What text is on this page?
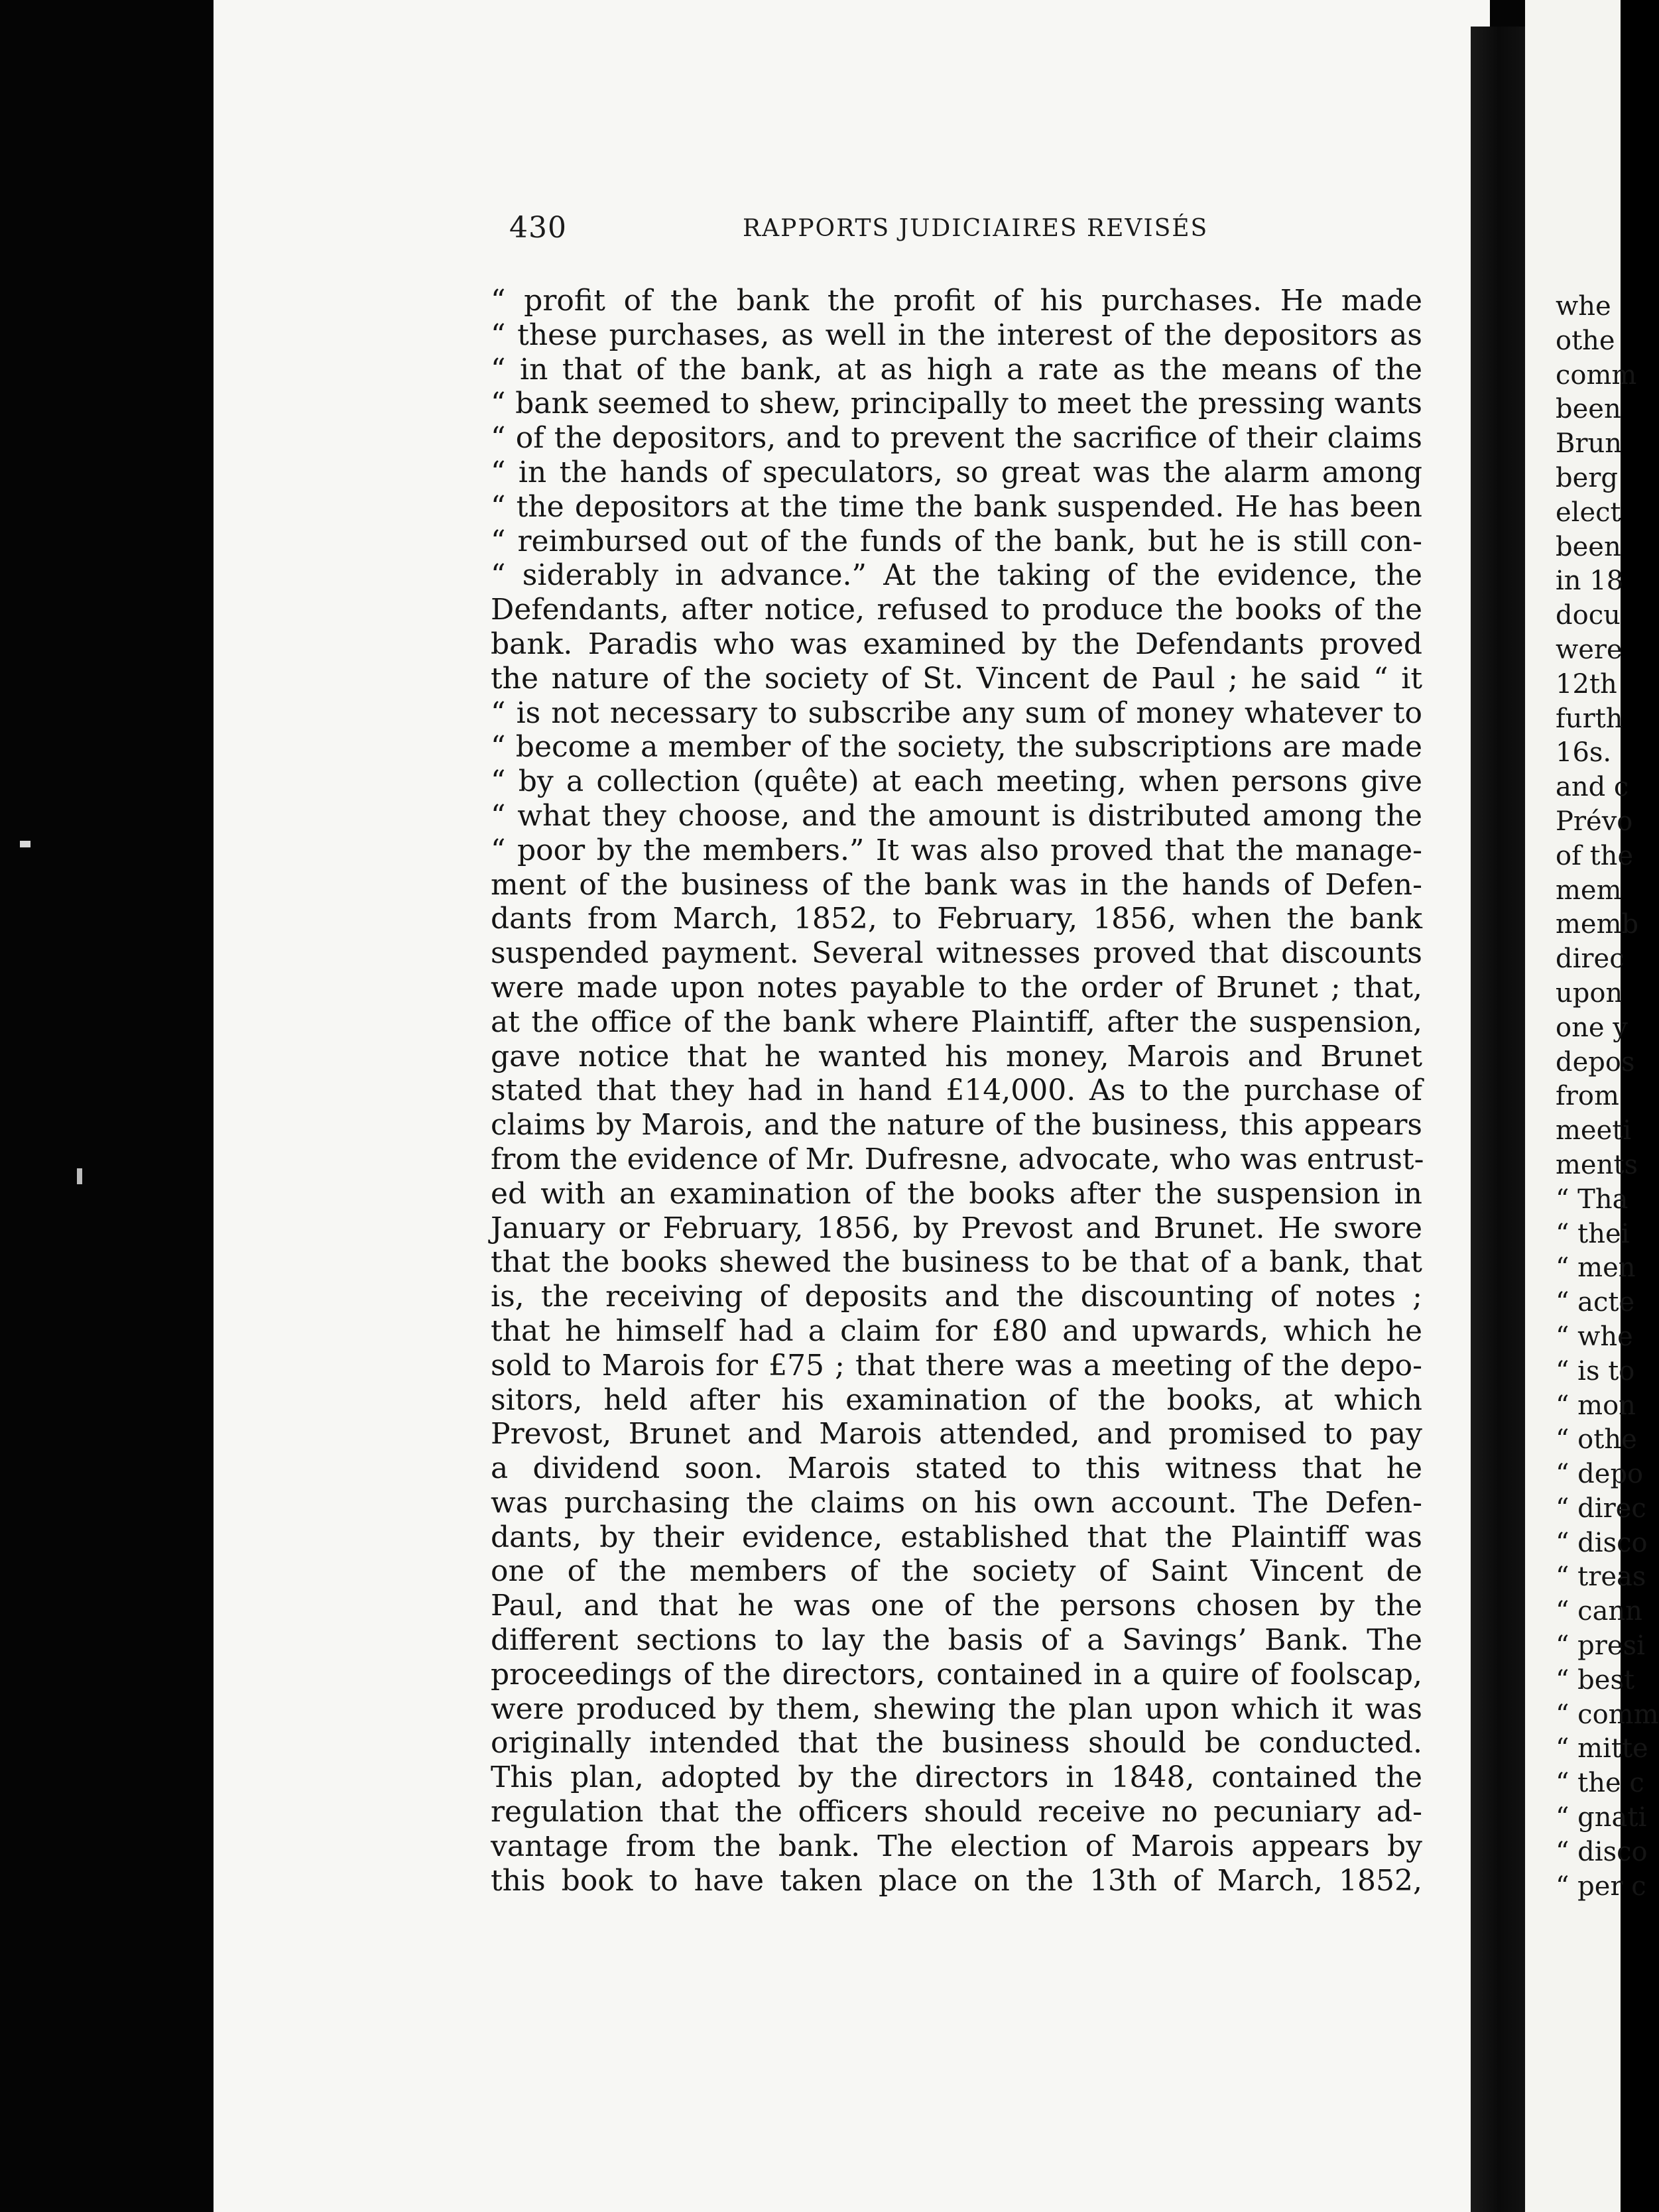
430	RAPPORTS JUDICIAIRES REVISÉS
“ profit of the bank the profit of his purchases. He made
“ these purchases, as well in the interest of the depositors as
“ in that of the bank, at as high a rate as the means of the
“ bank seemed to shew, principally to meet the pressing wants
“ of the depositors, and to prevent the sacrifice of their claims
“ in the hands of speculators, so great was the alarm among
“ the depositors at the time the bank suspended. He has been
“ reimbursed out of the funds of the bank, but he is still con-
“ siderably in advance.” At the taking of the evidence, the
Defendants, after notice, refused to produce the books of the
bank. Paradis who was examined by the Defendants proved
the nature of the society of St. Vincent de Paul ; he said “ it
“ is not necessary to subscribe any sum of money whatever to
“ become a member of the society, the subscriptions are made
“ by a collection (quête) at each meeting, when persons give
“ what they choose, and the amount is distributed among the
“ poor by the members.” It was also proved that the manage-
ment of the business of the bank was in the hands of Defen-
dants from March, 1852, to February, 1856, when the bank
suspended payment. Several witnesses proved that discounts
were made upon notes payable to the order of Brunet ; that,
at the office of the bank where Plaintiff, after the suspension,
gave notice that he wanted his money, Marois and Brunet
stated that they had in hand £14,000. As to the purchase of
claims by Marois, and the nature of the business, this appears
from the evidence of Mr. Dufresne, advocate, who was entrust-
ed with an examination of the books after the suspension in
January or February, 1856, by Prevost and Brunet. He swore
that the books shewed the business to be that of a bank, that
is, the receiving of deposits and the discounting of notes ;
that he himself had a claim for £80 and upwards, which he
sold to Marois for £75 ; that there was a meeting of the depo-
sitors, held after his examination of the books, at which
Prevost, Brunet and Marois attended, and promised to pay
a dividend soon. Marois stated to this witness that he
was purchasing the claims on his own account. The Defen-
dants, by their evidence, established that the Plaintiff was
one of the members of the society of Saint Vincent de
Paul, and that he was one of the persons chosen by the
different sections to lay the basis of a Savings’ Bank. The
proceedings of the directors, contained in a quire of foolscap,
were produced by them, shewing the plan upon which it was
originally intended that the business should be conducted.
This plan, adopted by the directors in 1848, contained the
regulation that the officers should receive no pecuniary ad-
vantage from the bank. The election of Marois appears by
this book to have taken place on the 13th of March, 1852,
whe
othe
comm
been
Brun
berg
elect
been
in 18
docu
were
12th
furth
16s.
and c
Prévo
of the
mem
memb
direc
upon
one y
depos
from
meeti
ments
“ Tha
“ thei
“ men
“ acte
“ whe
“ is to
“ mon
“ othe
“ depo
“ direc
“ disco
“ treas
“ cann
“ presi
“ best
“ comm
“ mitte
“ the c
“ gnati
“ disco
“ per c
